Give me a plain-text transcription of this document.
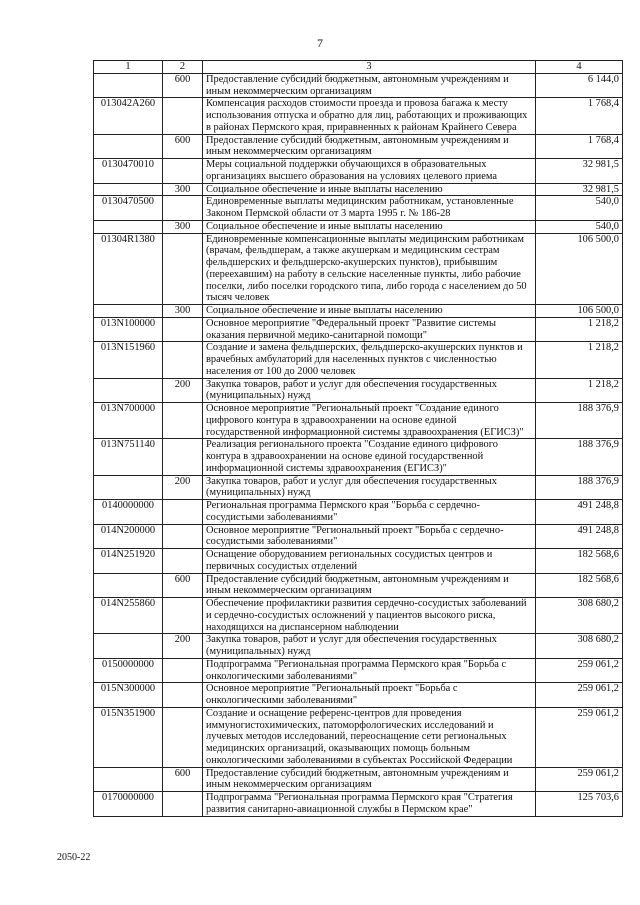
7
1	2	3	4
	600	Предоставление субсидий бюджетным, автономным учреждениям и иным некоммерческим организациям	6 144,0
013042А260		Компенсация расходов стоимости проезда и провоза багажа к месту использования отпуска и обратно для лиц, работающих и проживающих в районах Пермского края, приравненных к районам Крайнего Севера	1 768,4
	600	Предоставление субсидий бюджетным, автономным учреждениям и иным некоммерческим организациям	1 768,4
0130470010		Меры социальной поддержки обучающихся в образовательных организациях высшего образования на условиях целевого приема	32 981,5
	300	Социальное обеспечение и иные выплаты населению	32 981,5
0130470500		Единовременные выплаты медицинским работникам, установленные Законом Пермской области от 3 марта 1995 г. № 186-28	540,0
	300	Социальное обеспечение и иные выплаты населению	540,0
01304R1380		Единовременные компенсационные выплаты медицинским работникам (врачам, фельдшерам, а также акушеркам и медицинским сестрам фельдшерских и фельдшерско-акушерских пунктов), прибывшим (переехавшим) на работу в сельские населенные пункты, либо рабочие поселки, либо поселки городского типа, либо города с населением до 50 тысяч человек	106 500,0
	300	Социальное обеспечение и иные выплаты населению	106 500,0
013N100000		Основное мероприятие "Федеральный проект "Развитие системы оказания первичной медико-санитарной помощи"	1 218,2
013N151960		Создание и замена фельдшерских, фельдшерско-акушерских пунктов и врачебных амбулаторий для населенных пунктов с численностью населения от 100 до 2000 человек	1 218,2
	200	Закупка товаров, работ и услуг для обеспечения государственных (муниципальных) нужд	1 218,2
013N700000		Основное мероприятие "Региональный проект "Создание единого цифрового контура в здравоохранении на основе единой государственной информационной системы здравоохранения (ЕГИСЗ)"	188 376,9
013N751140		Реализация регионального проекта "Создание единого цифрового контура в здравоохранении на основе единой государственной информационной системы здравоохранения (ЕГИСЗ)"	188 376,9
	200	Закупка товаров, работ и услуг для обеспечения государственных (муниципальных) нужд	188 376,9
0140000000		Региональная программа Пермского края "Борьба с сердечно-сосудистыми заболеваниями"	491 248,8
014N200000		Основное мероприятие "Региональный проект "Борьба с сердечно-сосудистыми заболеваниями"	491 248,8
014N251920		Оснащение оборудованием региональных сосудистых центров и первичных сосудистых отделений	182 568,6
	600	Предоставление субсидий бюджетным, автономным учреждениям и иным некоммерческим организациям	182 568,6
014N255860		Обеспечение профилактики развития сердечно-сосудистых заболеваний и сердечно-сосудистых осложнений у пациентов высокого риска, находящихся на диспансерном наблюдении	308 680,2
	200	Закупка товаров, работ и услуг для обеспечения государственных (муниципальных) нужд	308 680,2
0150000000		Подпрограмма "Региональная программа Пермского края "Борьба с онкологическими заболеваниями"	259 061,2
015N300000		Основное мероприятие "Региональный проект "Борьба с онкологическими заболеваниями"	259 061,2
015N351900		Создание и оснащение референс-центров для проведения иммуногистохимических, патоморфологических исследований и лучевых методов исследований, переоснащение сети региональных медицинских организаций, оказывающих помощь больным онкологическими заболеваниями в субъектах Российской Федерации	259 061,2
	600	Предоставление субсидий бюджетным, автономным учреждениям и иным некоммерческим организациям	259 061,2
0170000000		Подпрограмма "Региональная программа Пермского края "Стратегия развития санитарно-авиационной службы в Пермском крае"	125 703,6
2050-22
